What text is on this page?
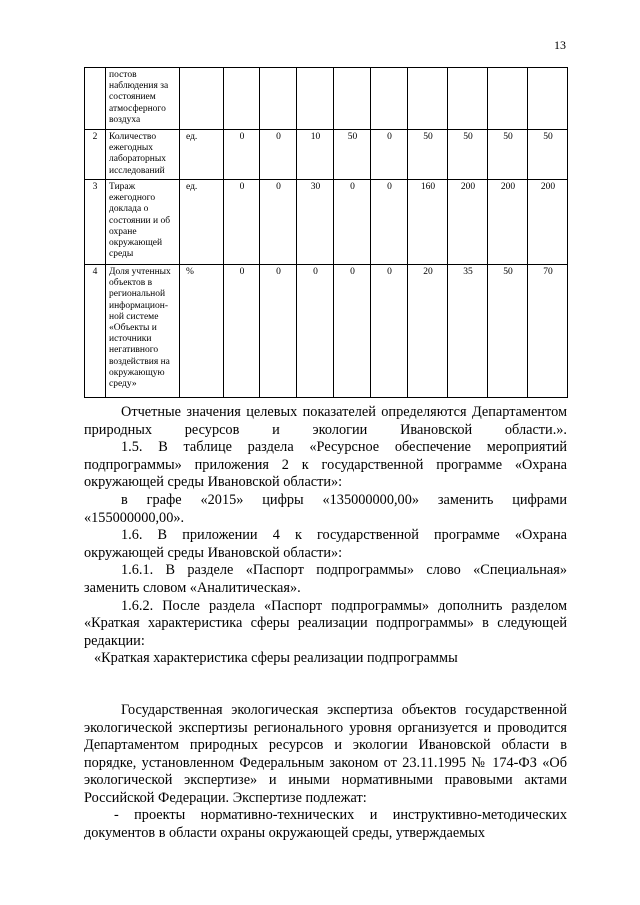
13
	постов наблюдения за состоянием атмосферного воздуха										
2	Количество ежегодных лабораторных исследований	ед.	0	0	10	50	0	50	50	50	50
3	Тираж ежегодного доклада о состоянии и об охране окружающей среды	ед.	0	0	30	0	0	160	200	200	200
4	Доля учтенных объектов в региональной информацион-ной системе «Объекты и источники негативного воздействия на окружающую среду»	%	0	0	0	0	0	20	35	50	70

Отчетные значения целевых показателей определяются Департаментом природных ресурсов и экологии Ивановской области.».

1.5. В таблице раздела «Ресурсное обеспечение мероприятий подпрограммы» приложения 2 к государственной программе «Охрана окружающей среды Ивановской области»:

в графе «2015» цифры «135000000,00» заменить цифрами «155000000,00».

1.6. В приложении 4 к государственной программе «Охрана окружающей среды Ивановской области»:

1.6.1. В разделе «Паспорт подпрограммы» слово «Специальная» заменить словом «Аналитическая».

1.6.2. После раздела «Паспорт подпрограммы» дополнить разделом «Краткая характеристика сферы реализации подпрограммы» в следующей редакции:

«Краткая характеристика сферы реализации подпрограммы

Государственная экологическая экспертиза объектов государственной экологической экспертизы регионального уровня организуется и проводится Департаментом природных ресурсов и экологии Ивановской области в порядке, установленном Федеральным законом от 23.11.1995 № 174-ФЗ «Об экологической экспертизе» и иными нормативными правовыми актами Российской Федерации. Экспертизе подлежат:

- проекты нормативно-технических и инструктивно-методических документов в области охраны окружающей среды, утверждаемых
